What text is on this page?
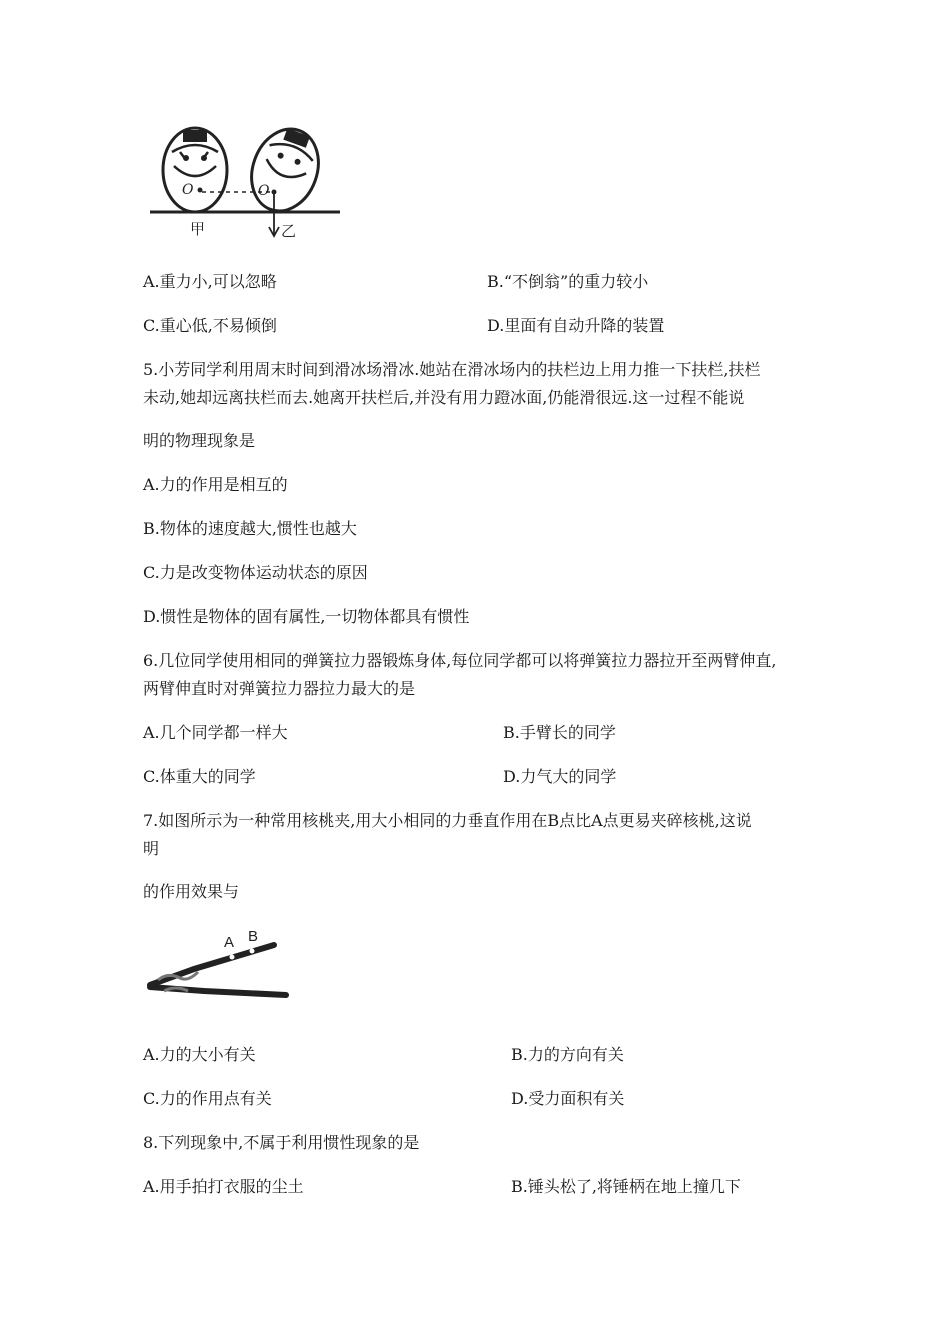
O	O
甲	乙
A.重力小,可以忽略	B.“不倒翁”的重力较小
C.重心低,不易倾倒	D.里面有自动升降的装置
5.小芳同学利用周末时间到滑冰场滑冰.她站在滑冰场内的扶栏边上用力推一下扶栏,扶栏
未动,她却远离扶栏而去.她离开扶栏后,并没有用力蹬冰面,仍能滑很远.这一过程不能说
明的物理现象是
A.力的作用是相互的
B.物体的速度越大,惯性也越大
C.力是改变物体运动状态的原因
D.惯性是物体的固有属性,一切物体都具有惯性
6.几位同学使用相同的弹簧拉力器锻炼身体,每位同学都可以将弹簧拉力器拉开至两臂伸直,
两臂伸直时对弹簧拉力器拉力最大的是
A.几个同学都一样大	B.手臂长的同学
C.体重大的同学	D.力气大的同学
7.如图所示为一种常用核桃夹,用大小相同的力垂直作用在B点比A点更易夹碎核桃,这说
明
的作用效果与
A B
A.力的大小有关	B.力的方向有关
C.力的作用点有关	D.受力面积有关
8.下列现象中,不属于利用惯性现象的是
A.用手拍打衣服的尘土	B.锤头松了,将锤柄在地上撞几下
